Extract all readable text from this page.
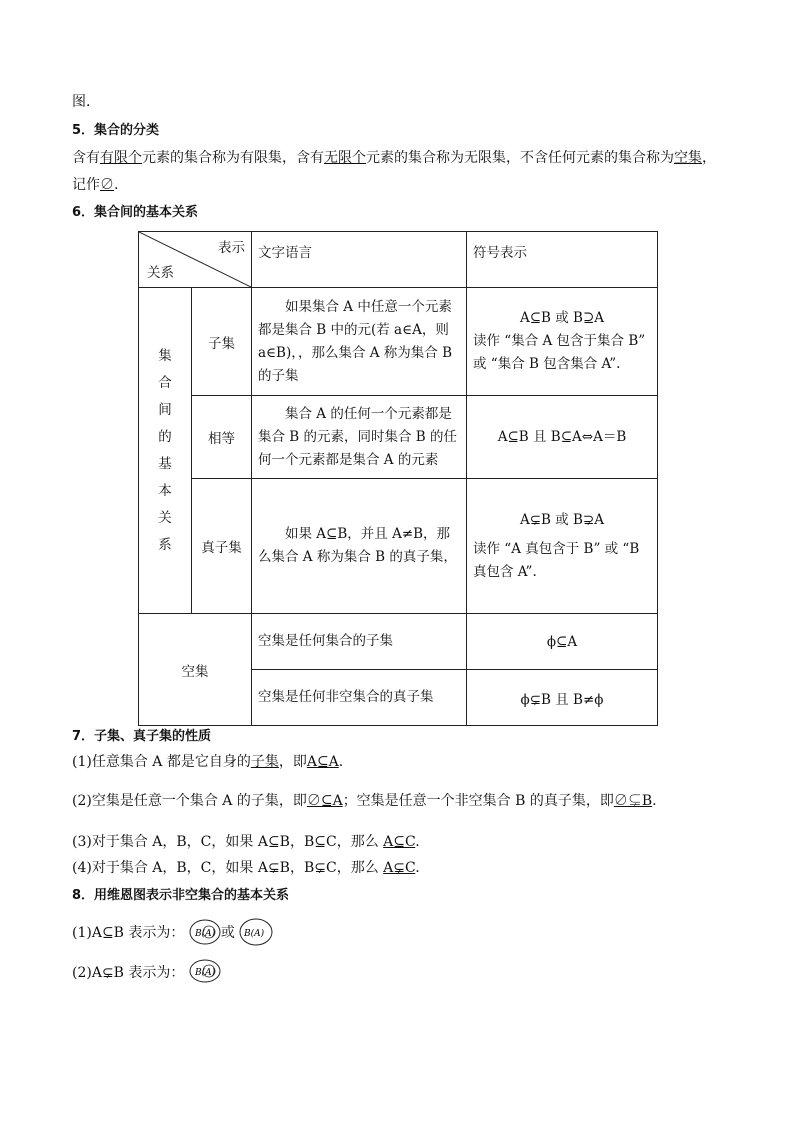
图.
5．集合的分类
含有有限个元素的集合称为有限集，含有无限个元素的集合称为无限集，不含任何元素的集合称为空集，
记作∅.
6．集合间的基本关系
表示
关系		文字语言	符号表示

集合间的基本关系	子集	如果集合 A 中任意一个元素都是集合 B 中的元(若 a∈A，则 a∈B)，，那么集合 A 称为集合 B 的子集	A⊆B 或 B⊇A
读作 “集合 A 包含于集合 B”
或 “集合 B 包含集合 A”.

	相等	集合 A 的任何一个元素都是集合 B 的元素，同时集合 B 的任何一个元素都是集合 A 的元素	A⊆B 且 B⊆A⇔A＝B

	真子集	如果 A⊆B，并且 A≠B，那么集合 A 称为集合 B 的真子集，	A⊊B 或 B⊋A
读作 “A 真包含于 B” 或 “B 真包含 A”.

空集		空集是任何集合的子集	ϕ⊆A

		空集是任何非空集合的真子集	ϕ⊊B 且 B≠ϕ
7．子集、真子集的性质
(1)任意集合 A 都是它自身的子集，即A⊆A.
(2)空集是任意一个集合 A 的子集，即∅⊆A；空集是任意一个非空集合 B 的真子集，即∅⊊B.
(3)对于集合 A，B，C，如果 A⊆B，B⊆C，那么 A⊆C.
(4)对于集合 A，B，C，如果 A⊊B，B⊊C，那么 A⊊C.
8．用维恩图表示非空集合的基本关系
(1)A⊆B 表示为： B(A) 或 B(A)
(2)A⊊B 表示为： B(A)
